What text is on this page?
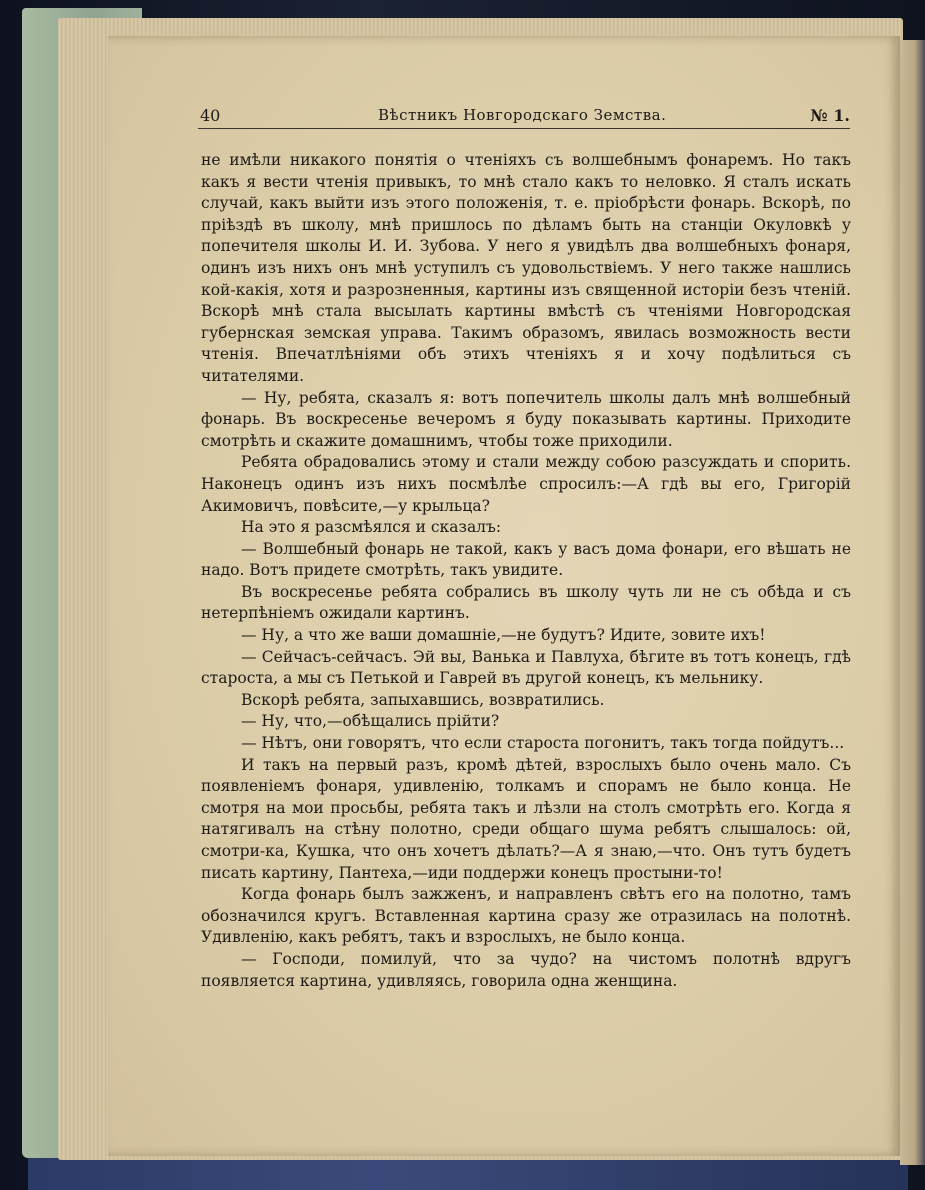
40	Вѣстникъ Новгородскаго Земства.	№ 1.

не имѣли никакого понятія о чтеніяхъ съ волшебнымъ фонаремъ. Но такъ какъ я вести чтенія привыкъ, то мнѣ стало какъ то неловко. Я сталъ искать случай, какъ выйти изъ этого положенія, т. е. пріобрѣсти фонарь. Вскорѣ, по пріѣздѣ въ школу, мнѣ пришлось по дѣламъ быть на станціи Окуловкѣ у попечителя школы И. И. Зубова. У него я увидѣлъ два волшебныхъ фонаря, одинъ изъ нихъ онъ мнѣ уступилъ съ удовольствіемъ. У него также нашлись кой-какія, хотя и разрозненныя, картины изъ священной исторіи безъ чтеній. Вскорѣ мнѣ стала высылать картины вмѣстѣ съ чтеніями Новгородская губернская земская управа. Такимъ образомъ, явилась возможность вести чтенія. Впечатлѣніями объ этихъ чтеніяхъ я и хочу подѣлиться съ читателями.

— Ну, ребята, сказалъ я: вотъ попечитель школы далъ мнѣ волшебный фонарь. Въ воскресенье вечеромъ я буду показывать картины. Приходите смотрѣть и скажите домашнимъ, чтобы тоже приходили.

Ребята обрадовались этому и стали между собою разсуждать и спорить. Наконецъ одинъ изъ нихъ посмѣлѣе спросилъ:—А гдѣ вы его, Григорій Акимовичъ, повѣсите,—у крыльца?

На это я разсмѣялся и сказалъ:

— Волшебный фонарь не такой, какъ у васъ дома фонари, его вѣшать не надо. Вотъ придете смотрѣть, такъ увидите.

Въ воскресенье ребята собрались въ школу чуть ли не съ обѣда и съ нетерпѣніемъ ожидали картинъ.

— Ну, а что же ваши домашніе,—не будутъ? Идите, зовите ихъ!

— Сейчасъ-сейчасъ. Эй вы, Ванька и Павлуха, бѣгите въ тотъ конецъ, гдѣ староста, а мы съ Петькой и Гаврей въ другой конецъ, къ мельнику.

Вскорѣ ребята, запыхавшись, возвратились.

— Ну, что,—обѣщались прійти?

— Нѣтъ, они говорятъ, что если староста погонитъ, такъ тогда пойдутъ...

И такъ на первый разъ, кромѣ дѣтей, взрослыхъ было очень мало. Съ появленіемъ фонаря, удивленію, толкамъ и спорамъ не было конца. Не смотря на мои просьбы, ребята такъ и лѣзли на столъ смотрѣть его. Когда я натягивалъ на стѣну полотно, среди общаго шума ребятъ слышалось: ой, смотри-ка, Кушка, что онъ хочетъ дѣлать?—А я знаю,—что. Онъ тутъ будетъ писать картину, Пантеха,—иди поддержи конецъ простыни-то!

Когда фонарь былъ зажженъ, и направленъ свѣтъ его на полотно, тамъ обозначился кругъ. Вставленная картина сразу же отразилась на полотнѣ. Удивленію, какъ ребятъ, такъ и взрослыхъ, не было конца.

— Господи, помилуй, что за чудо? на чистомъ полотнѣ вдругъ появляется картина, удивляясь, говорила одна женщина.
